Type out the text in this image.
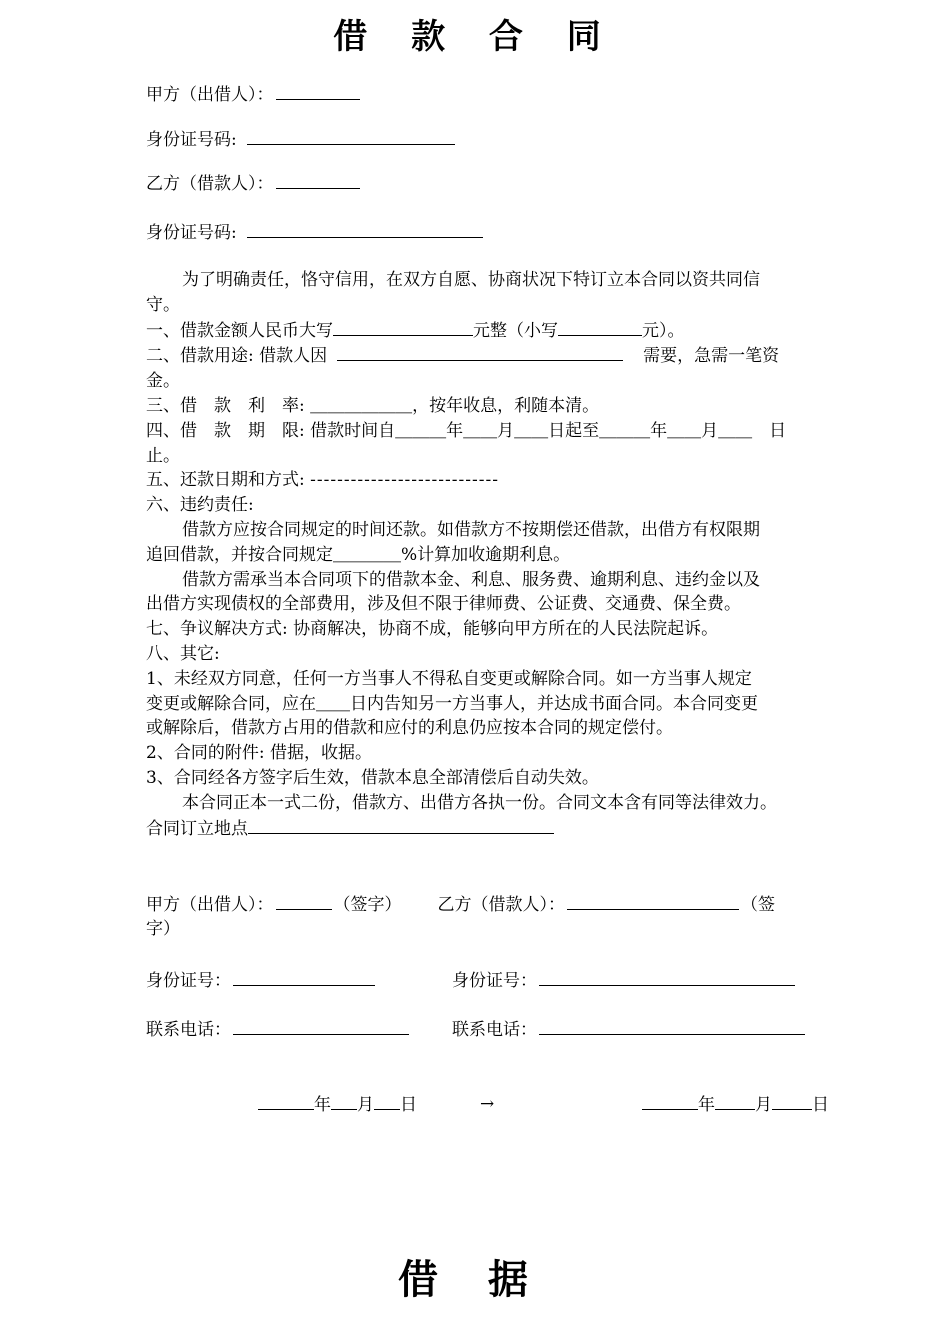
借 款 合 同
甲方（出借人）：
身份证号码:
乙方（借款人）：
身份证号码:

为了明确责任，恪守信用，在双方自愿、协商状况下特订立本合同以资共同信

守。

一、借款金额人民币大写	元整（小写	元）。

二、借款用途: 借款人因	需要，急需一笔资

金。

三、借　款　利　率: ＿＿＿＿＿＿，按年收息，利随本清。

四、借　款　期　限: 借款时间自＿＿＿年＿＿月＿＿日起至＿＿＿年＿＿月＿＿　日

止。

五、还款日期和方式: ----------------------------

六、违约责任:

借款方应按合同规定的时间还款。如借款方不按期偿还借款，出借方有权限期

追回借款，并按合同规定＿＿＿＿%计算加收逾期利息。

借款方需承当本合同项下的借款本金、利息、服务费、逾期利息、违约金以及

出借方实现债权的全部费用，涉及但不限于律师费、公证费、交通费、保全费。

七、争议解决方式: 协商解决，协商不成，能够向甲方所在的人民法院起诉。

八、其它:

1、未经双方同意，任何一方当事人不得私自变更或解除合同。如一方当事人规定

变更或解除合同，应在＿＿日内告知另一方当事人，并达成书面合同。本合同变更

或解除后，借款方占用的借款和应付的利息仍应按本合同的规定偿付。

2、合同的附件: 借据，收据。

3、合同经各方签字后生效，借款本息全部清偿后自动失效。

本合同正本一式二份，借款方、出借方各执一份。合同文本含有同等法律效力。

合同订立地点

甲方（出借人）：	（签字） 乙方（借款人）：	（签
字）
身份证号：	身份证号：
联系电话：	联系电话：
年 月 日	→	年 月 日
借据
